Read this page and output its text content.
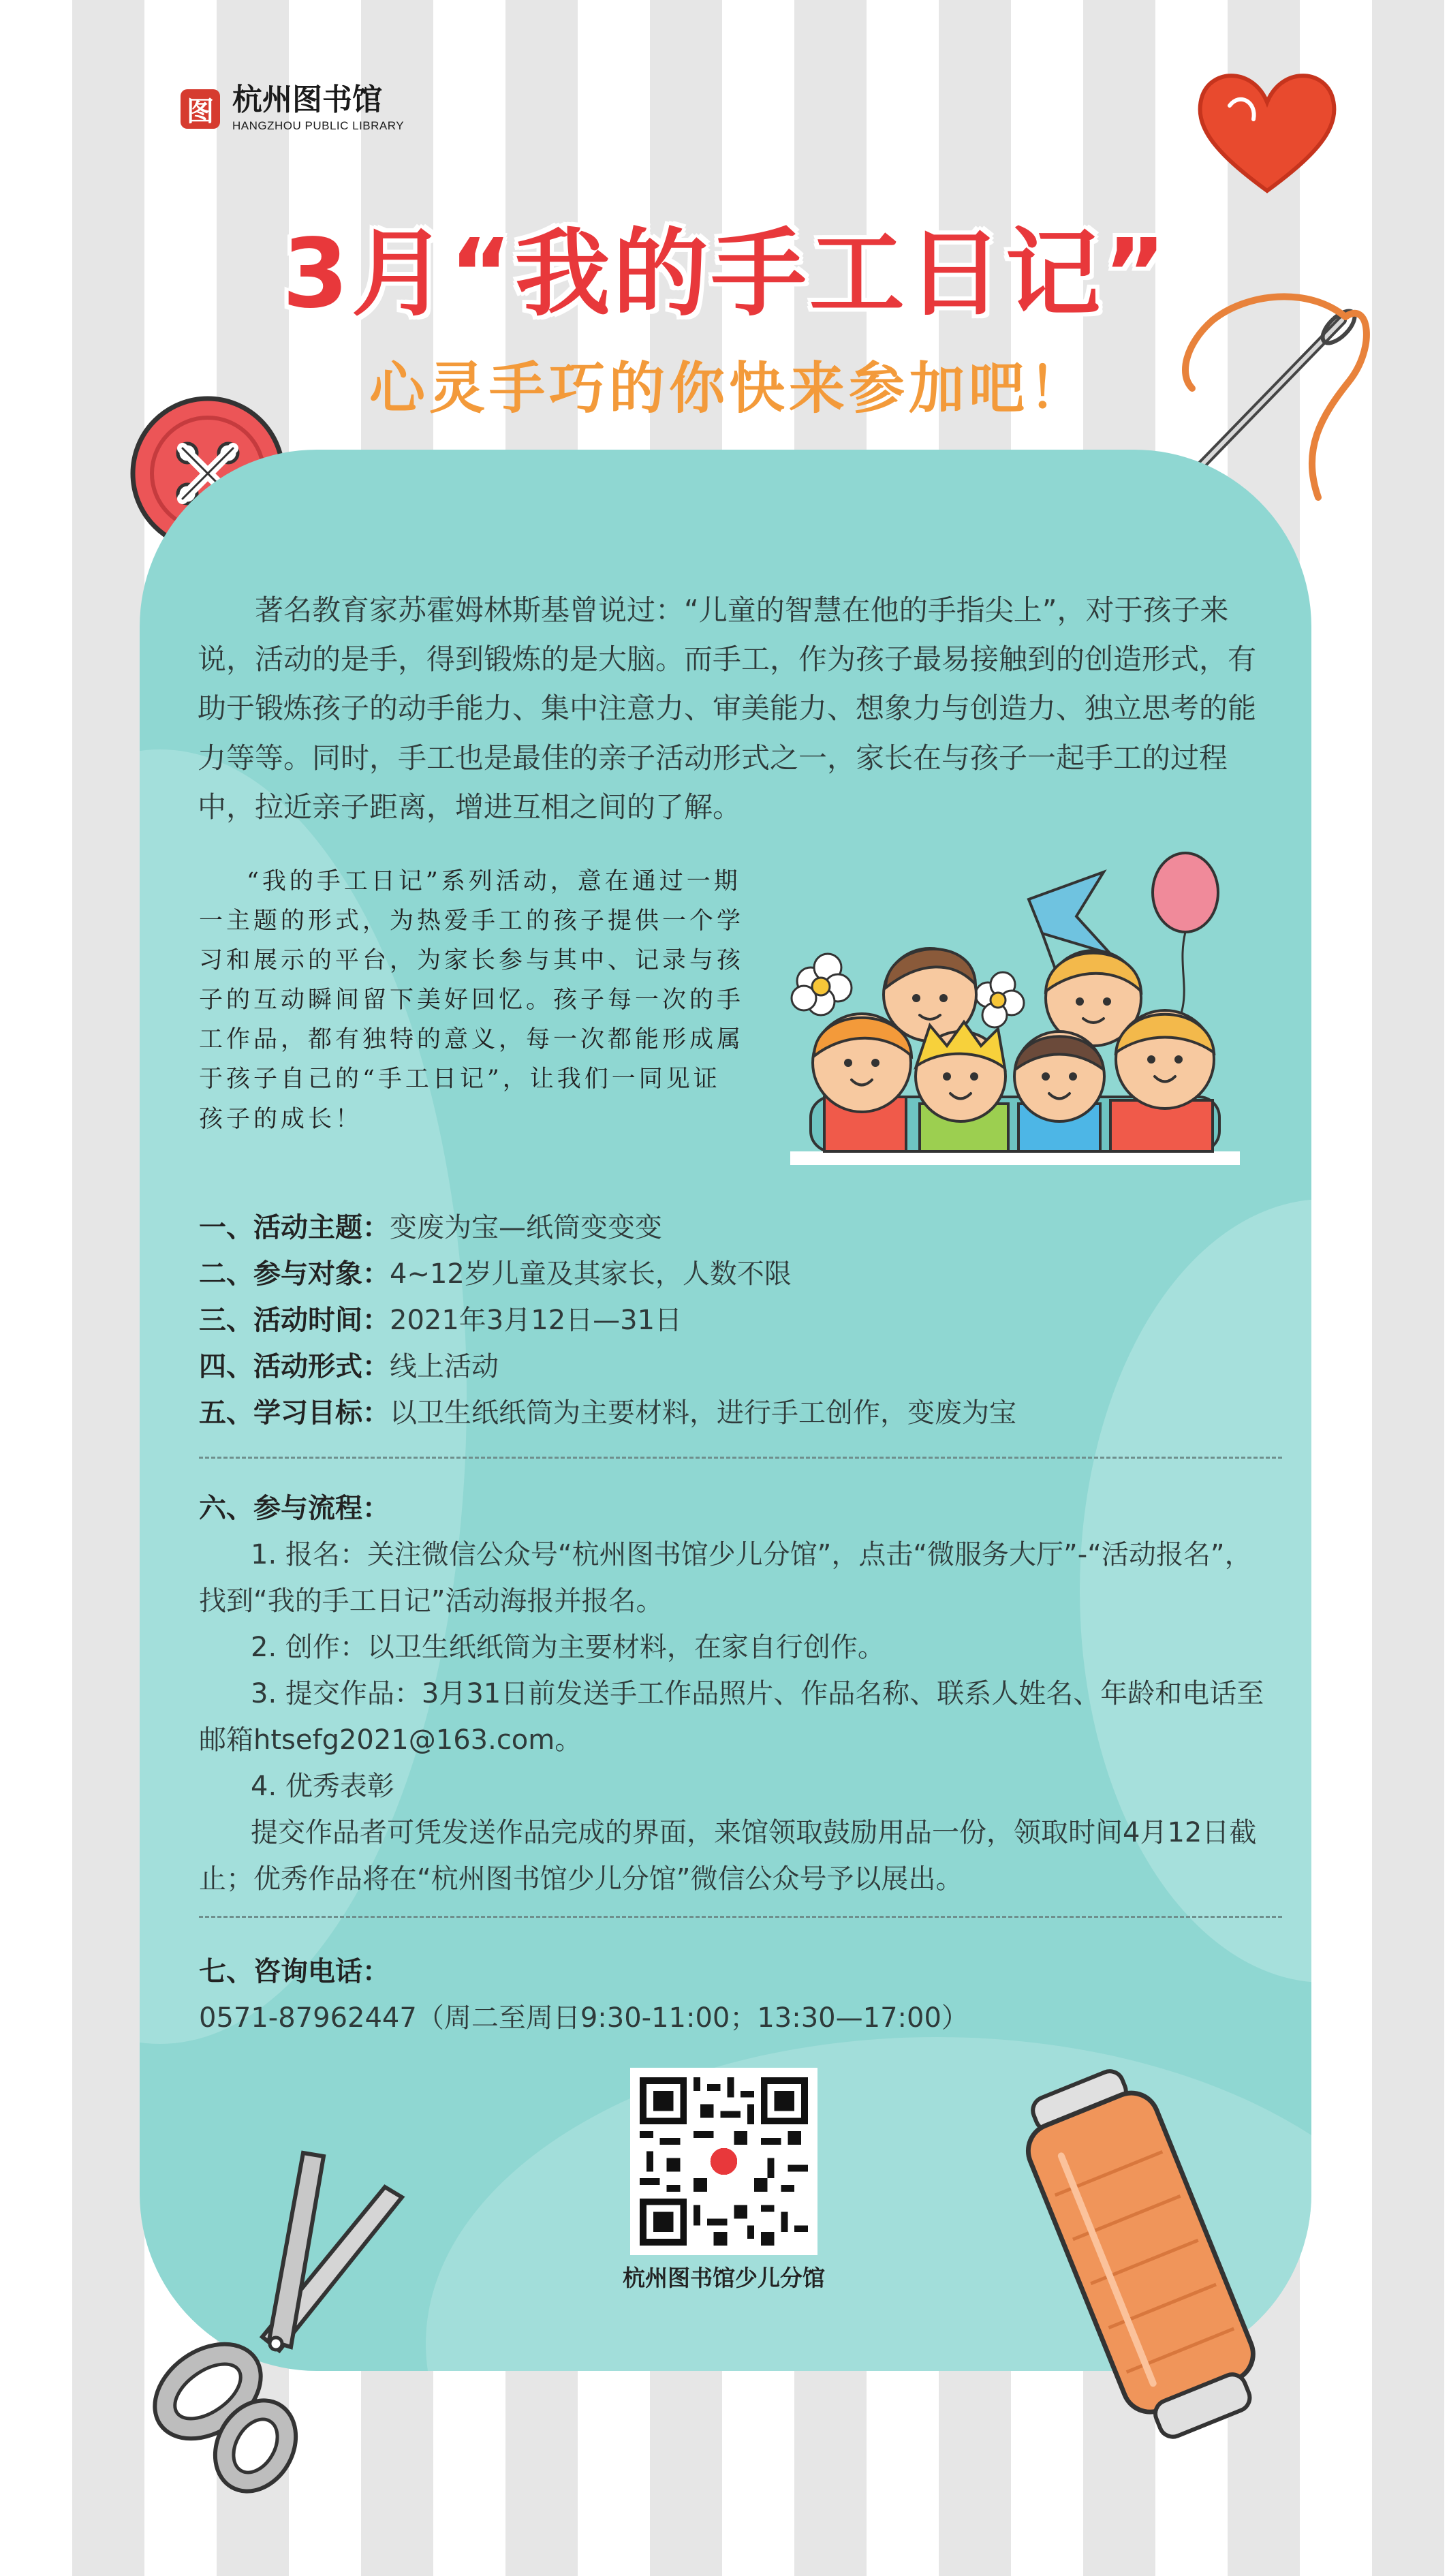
图 杭州图书馆
HANGZHOU PUBLIC LIBRARY
3月“我的手工日记”
心灵手巧的你快来参加吧！
著名教育家苏霍姆林斯基曾说过：“儿童的智慧在他的手指尖上”，对于孩子来说，活动的是手，得到锻炼的是大脑。而手工，作为孩子最易接触到的创造形式，有助于锻炼孩子的动手能力、集中注意力、审美能力、想象力与创造力、独立思考的能力等等。同时，手工也是最佳的亲子活动形式之一，家长在与孩子一起手工的过程中，拉近亲子距离，增进互相之间的了解。
“我的手工日记”系列活动，意在通过一期一主题的形式，为热爱手工的孩子提供一个学习和展示的平台，为家长参与其中、记录与孩子的互动瞬间留下美好回忆。孩子每一次的手工作品，都有独特的意义，每一次都能形成属于孩子自己的“手工日记”，让我们一同见证孩子的成长！
一、活动主题：变废为宝—纸筒变变变
二、参与对象：4~12岁儿童及其家长，人数不限
三、活动时间：2021年3月12日—31日
四、活动形式：线上活动
五、学习目标：以卫生纸纸筒为主要材料，进行手工创作，变废为宝
六、参与流程：
1. 报名：关注微信公众号“杭州图书馆少儿分馆”，点击“微服务大厅”-“活动报名”，找到“我的手工日记”活动海报并报名。
2. 创作：以卫生纸纸筒为主要材料，在家自行创作。
3. 提交作品：3月31日前发送手工作品照片、作品名称、联系人姓名、年龄和电话至邮箱htsefg2021@163.com。
4. 优秀表彰
提交作品者可凭发送作品完成的界面，来馆领取鼓励用品一份，领取时间4月12日截止；优秀作品将在“杭州图书馆少儿分馆”微信公众号予以展出。
七、咨询电话：
0571-87962447（周二至周日9:30-11:00；13:30—17:00）
杭州图书馆少儿分馆
